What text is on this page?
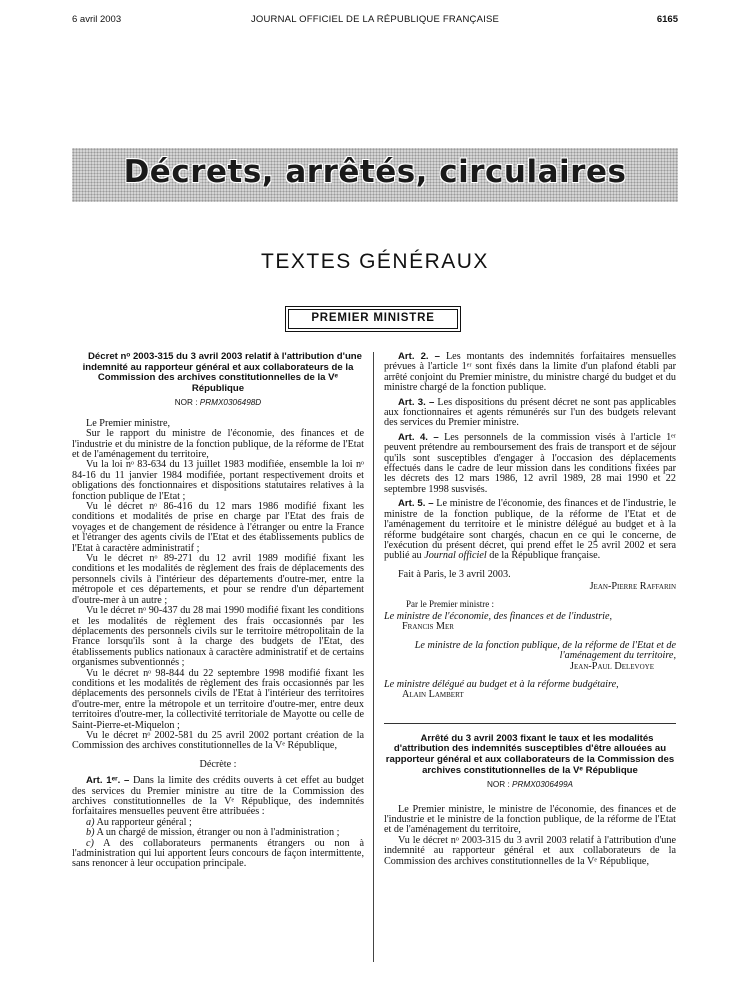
6 avril 2003	JOURNAL OFFICIEL DE LA RÉPUBLIQUE FRANÇAISE	6165
Décrets, arrêtés, circulaires
TEXTES GÉNÉRAUX
PREMIER MINISTRE

Décret nᵒ 2003-315 du 3 avril 2003 relatif à l'attribution d'une indemnité au rapporteur général et aux collaborateurs de la Commission des archives constitutionnelles de la Vᵉ République

NOR : PRMX0306498D

Le Premier ministre,

Sur le rapport du ministre de l'économie, des finances et de l'industrie et du ministre de la fonction publique, de la réforme de l'Etat et de l'aménagement du territoire,

Vu la loi nᵒ 83-634 du 13 juillet 1983 modifiée, ensemble la loi nᵒ 84-16 du 11 janvier 1984 modifiée, portant respectivement droits et obligations des fonctionnaires et dispositions statutaires relatives à la fonction publique de l'Etat ;

Vu le décret nᵒ 86-416 du 12 mars 1986 modifié fixant les conditions et modalités de prise en charge par l'Etat des frais de voyages et de changement de résidence à l'étranger ou entre la France et l'étranger des agents civils de l'Etat et des établissements publics de l'Etat à caractère administratif ;

Vu le décret nᵒ 89-271 du 12 avril 1989 modifié fixant les conditions et les modalités de règlement des frais de déplacements des personnels civils à l'intérieur des départements d'outre-mer, entre la métropole et ces départements, et pour se rendre d'un département d'outre-mer à un autre ;

Vu le décret nᵒ 90-437 du 28 mai 1990 modifié fixant les conditions et les modalités de règlement des frais occasionnés par les déplacements des personnels civils sur le territoire métropolitain de la France lorsqu'ils sont à la charge des budgets de l'Etat, des établissements publics nationaux à caractère administratif et de certains organismes subventionnés ;

Vu le décret nᵒ 98-844 du 22 septembre 1998 modifié fixant les conditions et les modalités de règlement des frais occasionnés par les déplacements des personnels civils de l'Etat à l'intérieur des territoires d'outre-mer, entre la métropole et un territoire d'outre-mer, entre deux territoires d'outre-mer, la collectivité territoriale de Mayotte ou celle de Saint-Pierre-et-Miquelon ;

Vu le décret nᵒ 2002-581 du 25 avril 2002 portant création de la Commission des archives constitutionnelles de la Vᵉ République,

Décrète :

Art. 1ᵉʳ. – Dans la limite des crédits ouverts à cet effet au budget des services du Premier ministre au titre de la Commission des archives constitutionnelles de la Vᵉ République, des indemnités forfaitaires mensuelles peuvent être attribuées :

a) Au rapporteur général ;

b) A un chargé de mission, étranger ou non à l'administration ;

c) A des collaborateurs permanents étrangers ou non à l'administration qui lui apportent leurs concours de façon intermittente, sans renoncer à leur occupation principale.

Art. 2. – Les montants des indemnités forfaitaires mensuelles prévues à l'article 1ᵉʳ sont fixés dans la limite d'un plafond établi par arrêté conjoint du Premier ministre, du ministre chargé du budget et du ministre chargé de la fonction publique.

Art. 3. – Les dispositions du présent décret ne sont pas applicables aux fonctionnaires et agents rémunérés sur l'un des budgets relevant des services du Premier ministre.

Art. 4. – Les personnels de la commission visés à l'article 1ᵉʳ peuvent prétendre au remboursement des frais de transport et de séjour qu'ils sont susceptibles d'engager à l'occasion des déplacements effectués dans le cadre de leur mission dans les conditions fixées par les décrets des 12 mars 1986, 12 avril 1989, 28 mai 1990 et 22 septembre 1998 susvisés.

Art. 5. – Le ministre de l'économie, des finances et de l'industrie, le ministre de la fonction publique, de la réforme de l'Etat et de l'aménagement du territoire et le ministre délégué au budget et à la réforme budgétaire sont chargés, chacun en ce qui le concerne, de l'exécution du présent décret, qui prend effet le 25 avril 2002 et sera publié au Journal officiel de la République française.

Fait à Paris, le 3 avril 2003.

Jean-Pierre Raffarin
Par le Premier ministre :
Le ministre de l'économie, des finances et de l'industrie,
Francis Mer
Le ministre de la fonction publique, de la réforme de l'Etat et de l'aménagement du territoire,
Jean-Paul Delevoye
Le ministre délégué au budget et à la réforme budgétaire,
Alain Lambert

Arrêté du 3 avril 2003 fixant le taux et les modalités d'attribution des indemnités susceptibles d'être allouées au rapporteur général et aux collaborateurs de la Commission des archives constitutionnelles de la Vᵉ République

NOR : PRMX0306499A

Le Premier ministre, le ministre de l'économie, des finances et de l'industrie et le ministre de la fonction publique, de la réforme de l'Etat et de l'aménagement du territoire,

Vu le décret nᵒ 2003-315 du 3 avril 2003 relatif à l'attribution d'une indemnité au rapporteur général et aux collaborateurs de la Commission des archives constitutionnelles de la Vᵉ République,
